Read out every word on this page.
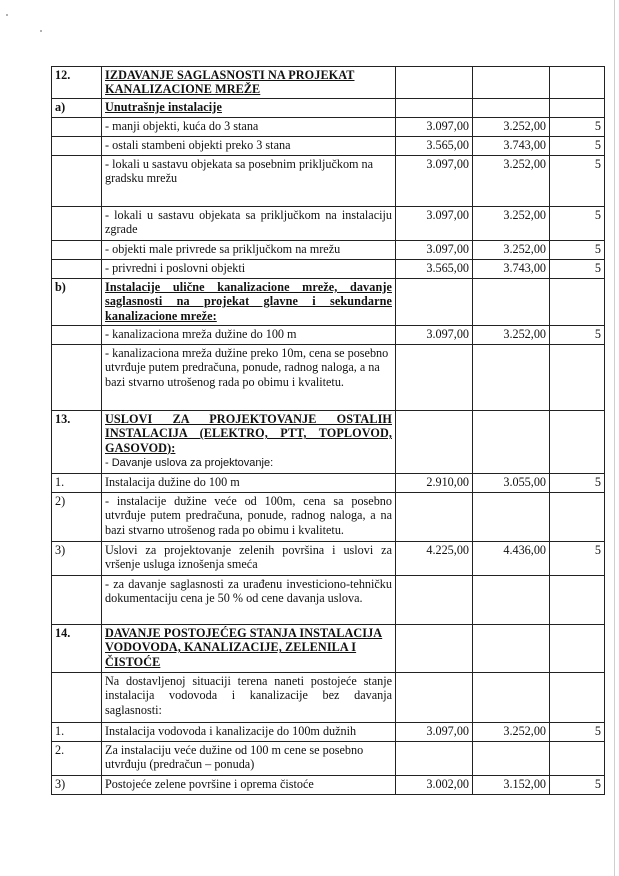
12.	IZDAVANJE SAGLASNOSTI NA PROJEKAT KANALIZACIONE MREŽE			
a)	Unutrašnje instalacije			
	- manji objekti, kuća do 3 stana	3.097,00	3.252,00	5
	- ostali stambeni objekti preko 3 stana	3.565,00	3.743,00	5
	- lokali u sastavu objekata sa posebnim priključkom na gradsku mrežu	3.097,00	3.252,00	5
	- lokali u sastavu objekata sa priključkom na instalaciju zgrade	3.097,00	3.252,00	5
	- objekti male privrede sa priključkom na mrežu	3.097,00	3.252,00	5
	- privredni i poslovni objekti	3.565,00	3.743,00	5
b)	Instalacije ulične kanalizacione mreže, davanje saglasnosti na projekat glavne i sekundarne kanalizacione mreže:			

	- kanalizaciona mreža dužine do 100 m	3.097,00	3.252,00	5
	- kanalizaciona mreža dužine preko 10m, cena se posebno utvrđuje putem predračuna, ponude, radnog naloga, a na bazi stvarno utrošenog rada po obimu i kvalitetu.			
13.	USLOVI ZA PROJEKTOVANJE OSTALIH INSTALACIJA (ELEKTRO, PTT, TOPLOVOD, GASOVOD):
- Davanje uslova za projektovanje:			
1.	Instalacija dužine do 100 m	2.910,00	3.055,00	5
2)	- instalacije dužine veće od 100m, cena sa posebno utvrđuje putem predračuna, ponude, radnog naloga, a na bazi stvarno utrošenog rada po obimu i kvalitetu.			
3)	Uslovi za projektovanje zelenih površina i uslovi za vršenje usluga iznošenja smeća	4.225,00	4.436,00	5
	- za davanje saglasnosti za urađenu investiciono-tehničku dokumentaciju cena je 50 % od cene davanja uslova.			
14.	DAVANJE POSTOJEĆEG STANJA INSTALACIJA VODOVODA, KANALIZACIJE, ZELENILA I ČISTOĆE			
	Na dostavljenoj situaciji terena naneti postojeće stanje instalacija vodovoda i kanalizacije bez davanja saglasnosti:			
1.	Instalacija vodovoda i kanalizacije do 100m dužnih	3.097,00	3.252,00	5
2.	Za instalaciju veće dužine od 100 m cene se posebno utvrđuju (predračun – ponuda)			
3)	Postojeće zelene površine i oprema čistoće	3.002,00	3.152,00	5
